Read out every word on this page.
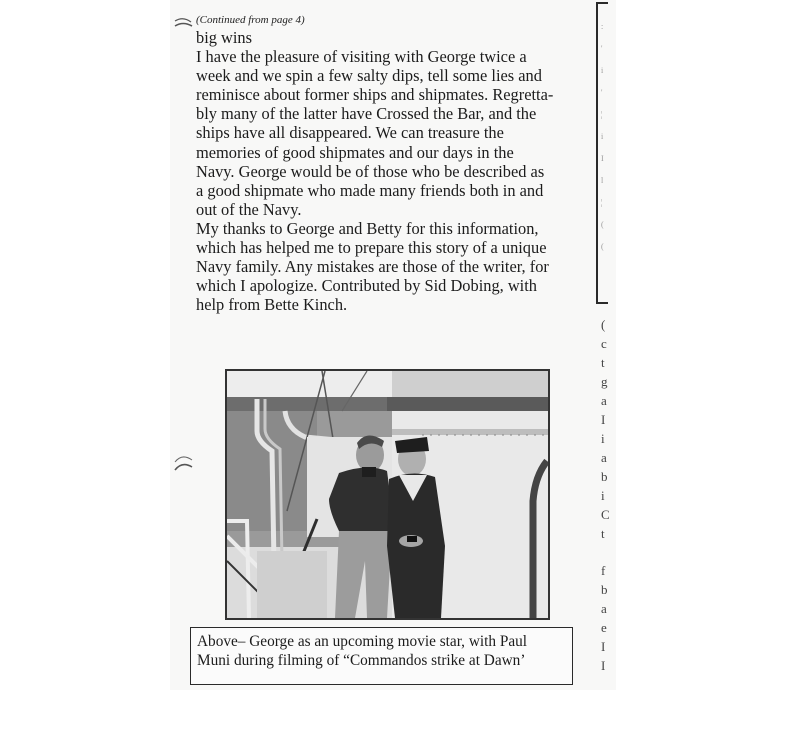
(Continued from page 4)
big wins
I have the pleasure of visiting with George twice a
week and we spin a few salty dips, tell some lies and
reminisce about former ships and shipmates. Regretta-
bly many of the latter have Crossed the Bar, and the
ships have all disappeared. We can treasure the
memories of good shipmates and our days in the
Navy. George would be of those who be described as
a good shipmate who made many friends both in and
out of the Navy.
My thanks to George and Betty for this information,
which has helped me to prepare this story of a unique
Navy family. Any mistakes are those of the writer, for
which I apologize. Contributed by Sid Dobing, with
help from Bette Kinch.
Above– George as an upcoming movie star, with Paul
Muni during filming of “Commandos strike at Dawn’
:
'
i
'
¦
i
I
l
¦
(
(
(
c
t
g
a
I
i
a
b
i
C
t
f
b
a
e
I
I
